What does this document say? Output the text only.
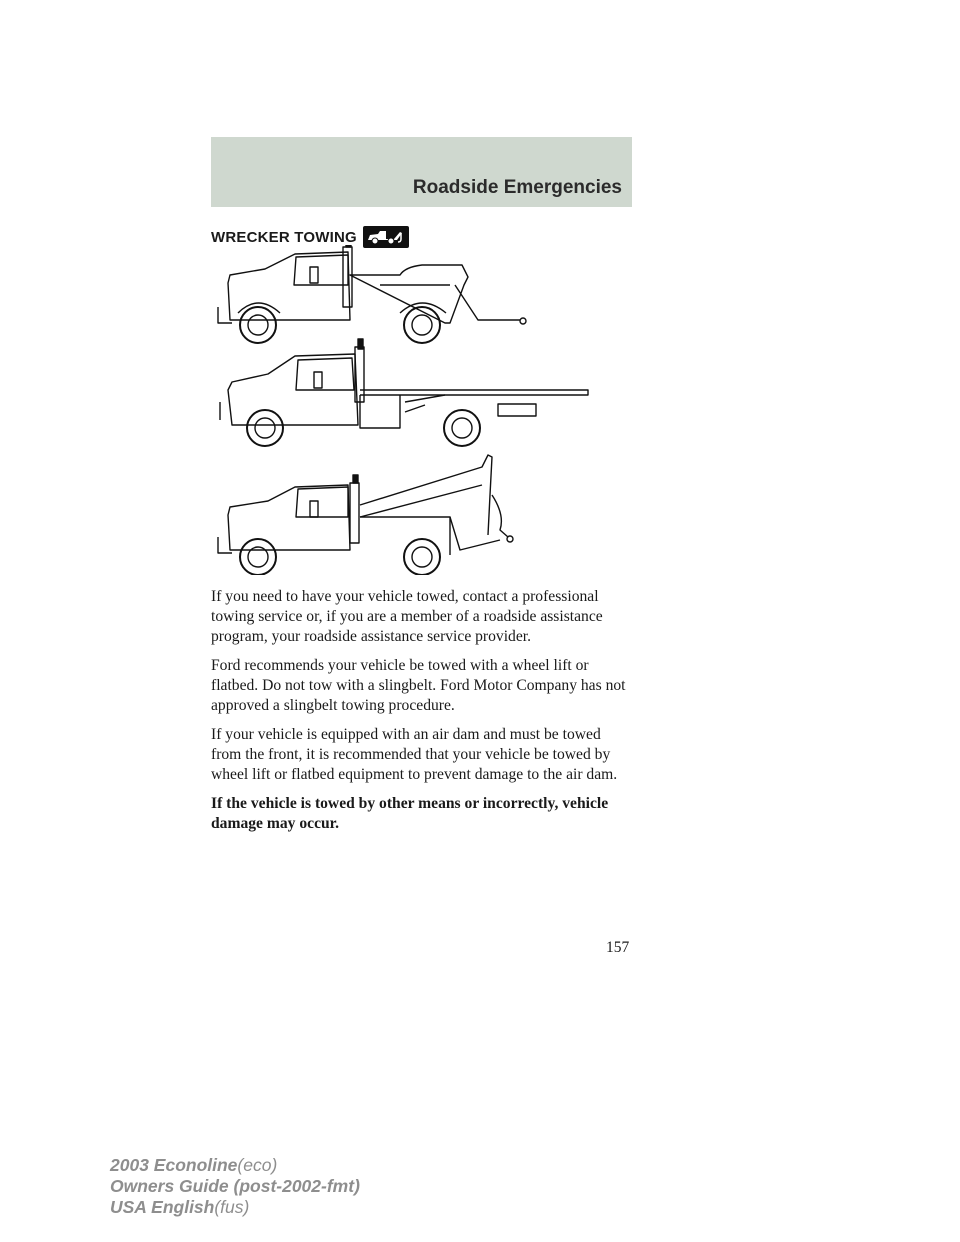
Roadside Emergencies
WRECKER TOWING

If you need to have your vehicle towed, contact a professional towing service or, if you are a member of a roadside assistance program, your roadside assistance service provider.

Ford recommends your vehicle be towed with a wheel lift or flatbed. Do not tow with a slingbelt. Ford Motor Company has not approved a slingbelt towing procedure.

If your vehicle is equipped with an air dam and must be towed from the front, it is recommended that your vehicle be towed by wheel lift or flatbed equipment to prevent damage to the air dam.

If the vehicle is towed by other means or incorrectly, vehicle damage may occur.

157
2003 Econoline(eco)
Owners Guide (post-2002-fmt)
USA English(fus)
